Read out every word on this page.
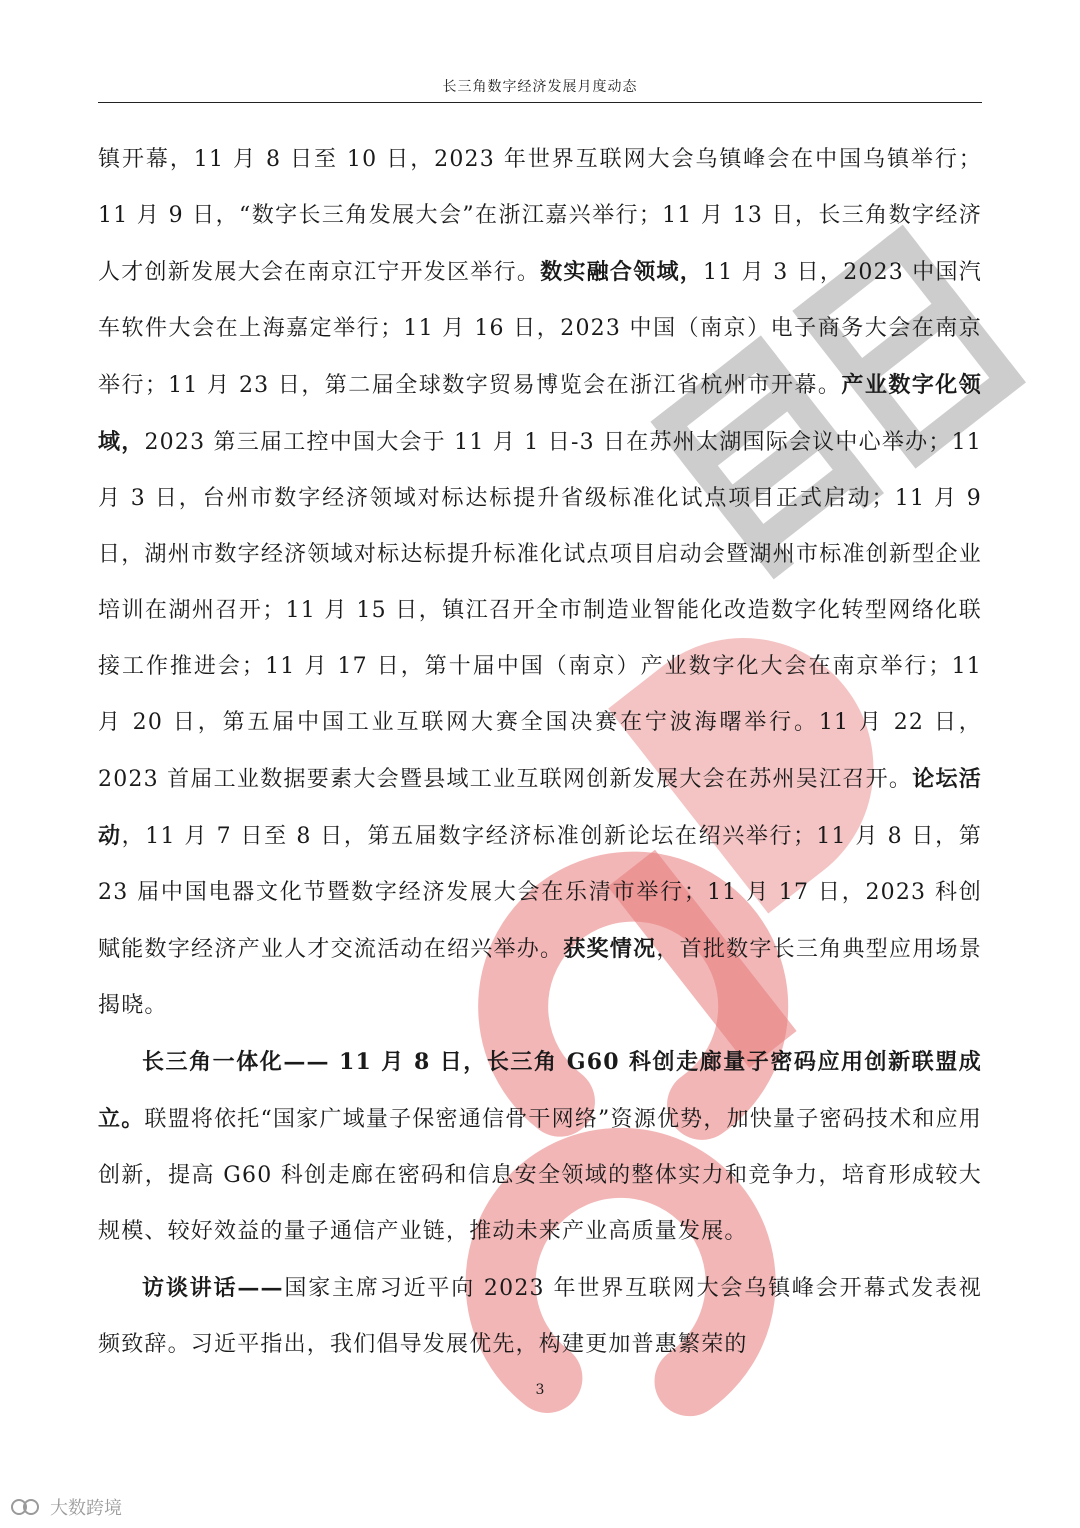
长三角数字经济发展月度动态

镇开幕，11 月 8 日至 10 日，2023 年世界互联网大会乌镇峰会在中国乌镇举行；11 月 9 日，“数字长三角发展大会”在浙江嘉兴举行；11 月 13 日，长三角数字经济人才创新发展大会在南京江宁开发区举行。数实融合领域，11 月 3 日，2023 中国汽车软件大会在上海嘉定举行；11 月 16 日，2023 中国（南京）电子商务大会在南京举行；11 月 23 日，第二届全球数字贸易博览会在浙江省杭州市开幕。产业数字化领域，2023 第三届工控中国大会于 11 月 1 日-3 日在苏州太湖国际会议中心举办；11 月 3 日，台州市数字经济领域对标达标提升省级标准化试点项目正式启动；11 月 9 日，湖州市数字经济领域对标达标提升标准化试点项目启动会暨湖州市标准创新型企业培训在湖州召开；11 月 15 日，镇江召开全市制造业智能化改造数字化转型网络化联接工作推进会；11 月 17 日，第十届中国（南京）产业数字化大会在南京举行；11 月 20 日，第五届中国工业互联网大赛全国决赛在宁波海曙举行。11 月 22 日，2023 首届工业数据要素大会暨县域工业互联网创新发展大会在苏州吴江召开。论坛活动，11 月 7 日至 8 日，第五届数字经济标准创新论坛在绍兴举行；11 月 8 日，第 23 届中国电器文化节暨数字经济发展大会在乐清市举行；11 月 17 日，2023 科创赋能数字经济产业人才交流活动在绍兴举办。获奖情况，首批数字长三角典型应用场景揭晓。

长三角一体化—— 11 月 8 日，长三角 G60 科创走廊量子密码应用创新联盟成立。联盟将依托“国家广域量子保密通信骨干网络”资源优势，加快量子密码技术和应用创新，提高 G60 科创走廊在密码和信息安全领域的整体实力和竞争力，培育形成较大规模、较好效益的量子通信产业链，推动未来产业高质量发展。

访谈讲话——国家主席习近平向 2023 年世界互联网大会乌镇峰会开幕式发表视频致辞。习近平指出，我们倡导发展优先，构建更加普惠繁荣的

3
大数跨境
